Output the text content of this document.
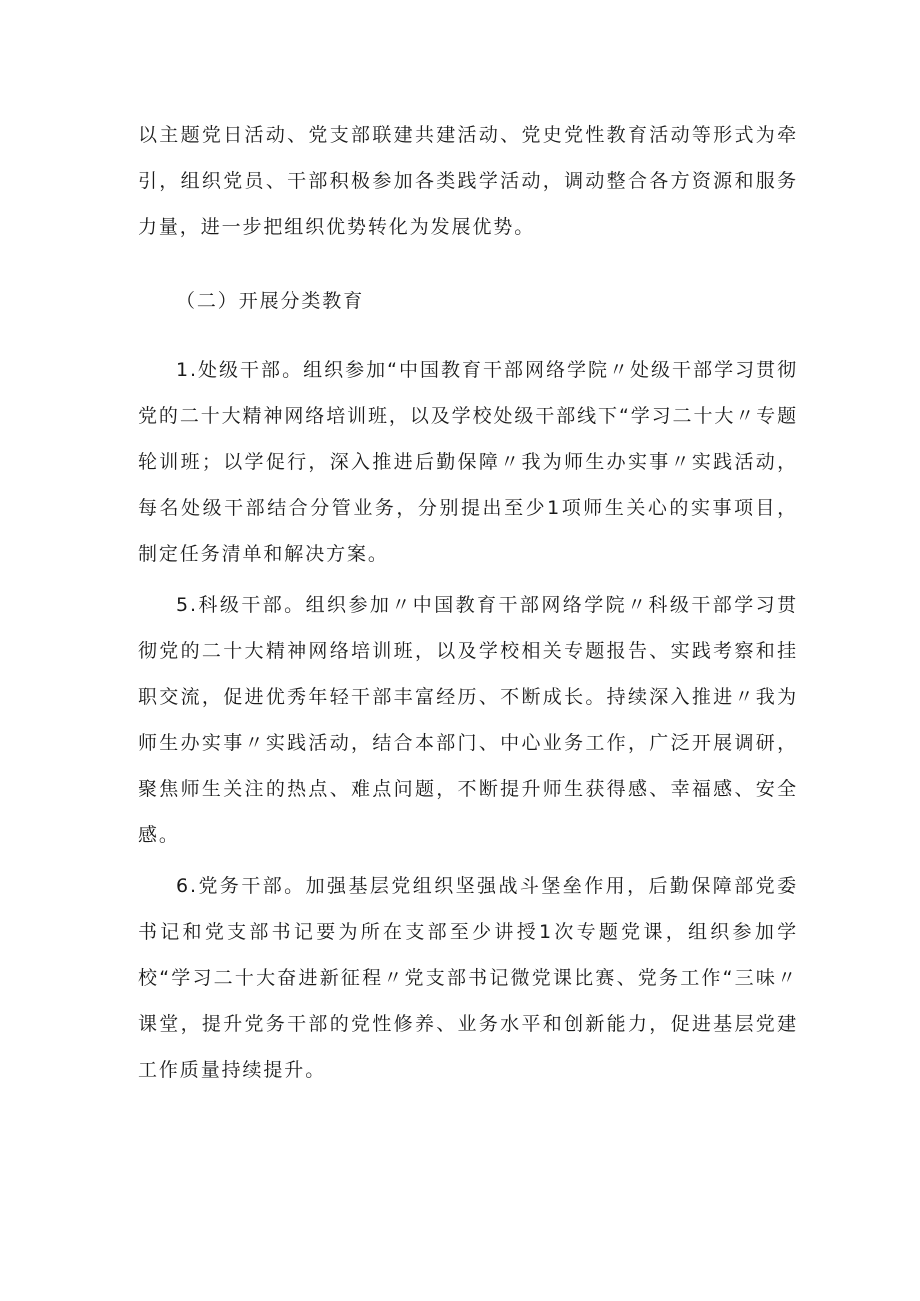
以主题党日活动、党支部联建共建活动、党史党性教育活动等形式为牵引，组织党员、干部积极参加各类践学活动，调动整合各方资源和服务力量，进一步把组织优势转化为发展优势。

（二）开展分类教育

1.处级干部。组织参加“中国教育干部网络学院〃处级干部学习贯彻党的二十大精神网络培训班，以及学校处级干部线下“学习二十大〃专题轮训班；以学促行，深入推进后勤保障〃我为师生办实事〃实践活动，每名处级干部结合分管业务，分别提出至少1项师生关心的实事项目，制定任务清单和解决方案。

5.科级干部。组织参加〃中国教育干部网络学院〃科级干部学习贯彻党的二十大精神网络培训班，以及学校相关专题报告、实践考察和挂职交流，促进优秀年轻干部丰富经历、不断成长。持续深入推进〃我为师生办实事〃实践活动，结合本部门、中心业务工作，广泛开展调研，聚焦师生关注的热点、难点问题，不断提升师生获得感、幸福感、安全感。

6.党务干部。加强基层党组织坚强战斗堡垒作用，后勤保障部党委书记和党支部书记要为所在支部至少讲授1次专题党课，组织参加学校“学习二十大奋进新征程〃党支部书记微党课比赛、党务工作“三味〃课堂，提升党务干部的党性修养、业务水平和创新能力，促进基层党建工作质量持续提升。
